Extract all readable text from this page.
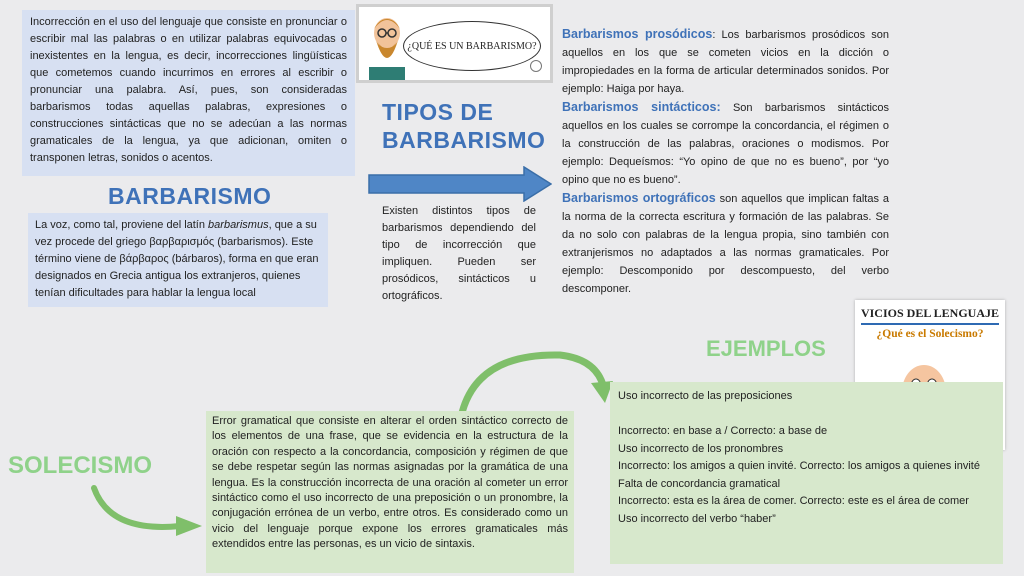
Incorrección en el uso del lenguaje que consiste en pronunciar o escribir mal las palabras o en utilizar palabras equivocadas o inexistentes en la lengua, es decir, incorrecciones lingüísticas que cometemos cuando incurrimos en errores al escribir o pronunciar una palabra. Así, pues, son consideradas barbarismos todas aquellas palabras, expresiones o construcciones sintácticas que no se adecúan a las normas gramaticales de la lengua, ya que adicionan, omiten o transponen letras, sonidos o acentos.
¿QUÉ ES UN BARBARISMO?
BARBARISMO
La voz, como tal, proviene del latín barbarismus, que a su vez procede del griego βαρβαρισμός (barbarismos). Este término viene de βάρβαρος (bárbaros), forma en que eran designados en Grecia antigua los extranjeros, quienes tenían dificultades para hablar la lengua local
TIPOS DE
BARBARISMO
Existen distintos tipos de barbarismos dependiendo del tipo de incorrección que impliquen. Pueden ser prosódicos, sintácticos u ortográficos.
Barbarismos prosódicos: Los barbarismos prosódicos son aquellos en los que se cometen vicios en la dicción o impropiedades en la forma de articular determinados sonidos. Por ejemplo: Haiga por haya.
Barbarismos sintácticos: Son barbarismos sintácticos aquellos en los cuales se corrompe la concordancia, el régimen o la construcción de las palabras, oraciones o modismos. Por ejemplo: Dequeísmos: “Yo opino de que no es bueno”, por “yo opino que no es bueno”.
Barbarismos ortográficos son aquellos que implican faltas a la norma de la correcta escritura y formación de las palabras. Se da no solo con palabras de la lengua propia, sino también con extranjerismos no adaptados a las normas gramaticales. Por ejemplo: Descomponido por descompuesto, del verbo descomponer.
VICIOS DEL LENGUAJE
¿Qué es el Solecismo?
EJEMPLOS
Uso incorrecto de las preposiciones
Incorrecto: en base a / Correcto: a base de
Uso incorrecto de los pronombres
Incorrecto: los amigos a quien invité. Correcto: los amigos a quienes invité
Falta de concordancia gramatical
Incorrecto: esta es la área de comer. Correcto: este es el área de comer
Uso incorrecto del verbo “haber”
SOLECISMO
Error gramatical que consiste en alterar el orden sintáctico correcto de los elementos de una frase, que se evidencia en la estructura de la oración con respecto a la concordancia, composición y régimen de que se debe respetar según las normas asignadas por la gramática de una lengua. Es la construcción incorrecta de una oración al cometer un error sintáctico como el uso incorrecto de una preposición o un pronombre, la conjugación errónea de un verbo, entre otros. Es considerado como un vicio del lenguaje porque expone los errores gramaticales más extendidos entre las personas, es un vicio de sintaxis.
